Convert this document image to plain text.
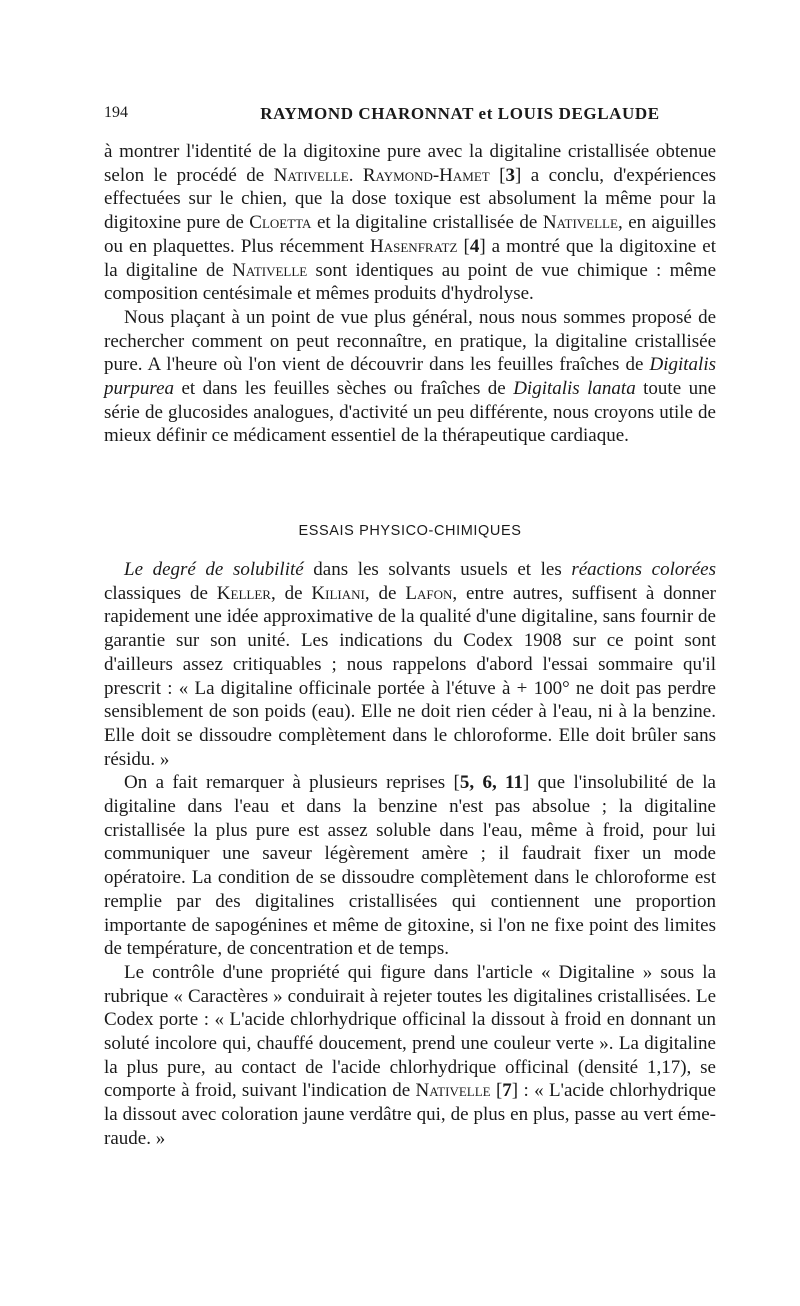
194	RAYMOND CHARONNAT et LOUIS DEGLAUDE

à montrer l'identité de la digitoxine pure avec la digitaline cristallisée obtenue selon le procédé de Nativelle. Raymond-Hamet [3] a conclu, d'expériences effectuées sur le chien, que la dose toxique est absolument la même pour la digitoxine pure de Cloetta et la digitaline cristallisée de Nativelle, en aiguilles ou en plaquettes. Plus récemment Hasenfratz [4] a montré que la digitoxine et la digitaline de Nativelle sont identiques au point de vue chimique : même composition centésimale et mêmes produits d'hydrolyse.

Nous plaçant à un point de vue plus général, nous nous sommes proposé de rechercher comment on peut reconnaître, en pratique, la digitaline cristallisée pure. A l'heure où l'on vient de découvrir dans les feuilles fraîches de Digitalis purpurea et dans les feuilles sèches ou fraîches de Digitalis lanata toute une série de glucosides analogues, d'activité un peu différente, nous croyons utile de mieux définir ce médicament essentiel de la thérapeutique cardiaque.

ESSAIS PHYSICO-CHIMIQUES

Le degré de solubilité dans les solvants usuels et les réactions colorées classiques de Keller, de Kiliani, de Lafon, entre autres, suffisent à donner rapidement une idée approximative de la qualité d'une digitaline, sans fournir de garantie sur son unité. Les indications du Codex 1908 sur ce point sont d'ailleurs assez critiquables ; nous rappelons d'abord l'essai sommaire qu'il prescrit : « La digitaline officinale portée à l'étuve à + 100° ne doit pas perdre sensiblement de son poids (eau). Elle ne doit rien céder à l'eau, ni à la benzine. Elle doit se dissoudre complètement dans le chloroforme. Elle doit brûler sans résidu. »

On a fait remarquer à plusieurs reprises [5, 6, 11] que l'insolubilité de la digitaline dans l'eau et dans la benzine n'est pas absolue ; la digitaline cristallisée la plus pure est assez soluble dans l'eau, même à froid, pour lui communiquer une saveur légèrement amère ; il faudrait fixer un mode opératoire. La condition de se dissoudre complètement dans le chloroforme est remplie par des digitalines cristallisées qui contiennent une proportion importante de sapogénines et même de gitoxine, si l'on ne fixe point des limites de température, de concentration et de temps.

Le contrôle d'une propriété qui figure dans l'article « Digitaline » sous la rubrique « Caractères » conduirait à rejeter toutes les digitalines cristallisées. Le Codex porte : « L'acide chlorhydrique officinal la dissout à froid en donnant un soluté incolore qui, chauffé doucement, prend une couleur verte ». La digitaline la plus pure, au contact de l'acide chlorhydrique officinal (densité 1,17), se comporte à froid, suivant l'indication de Nativelle [7] : « L'acide chlorhydrique la dissout avec coloration jaune verdâtre qui, de plus en plus, passe au vert émeraude. »
